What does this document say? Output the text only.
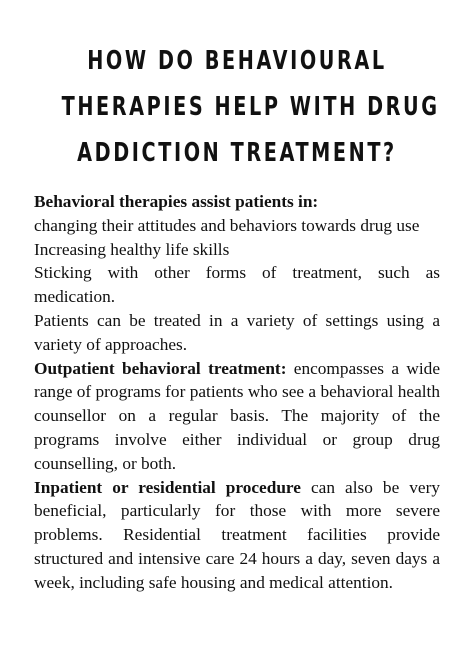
HOW DO BEHAVIOURAL
THERAPIES HELP WITH DRUG
ADDICTION TREATMENT?

Behavioral therapies assist patients in:

changing their attitudes and behaviors towards drug use

Increasing healthy life skills

Sticking with other forms of treatment, such as medication.

Patients can be treated in a variety of settings using a variety of approaches.

Outpatient behavioral treatment: encompasses a wide range of programs for patients who see a behavioral health counsellor on a regular basis. The majority of the programs involve either individual or group drug counselling, or both.

Inpatient or residential procedure can also be very beneficial, particularly for those with more severe problems. Residential treatment facilities provide structured and intensive care 24 hours a day, seven days a week, including safe housing and medical attention.
